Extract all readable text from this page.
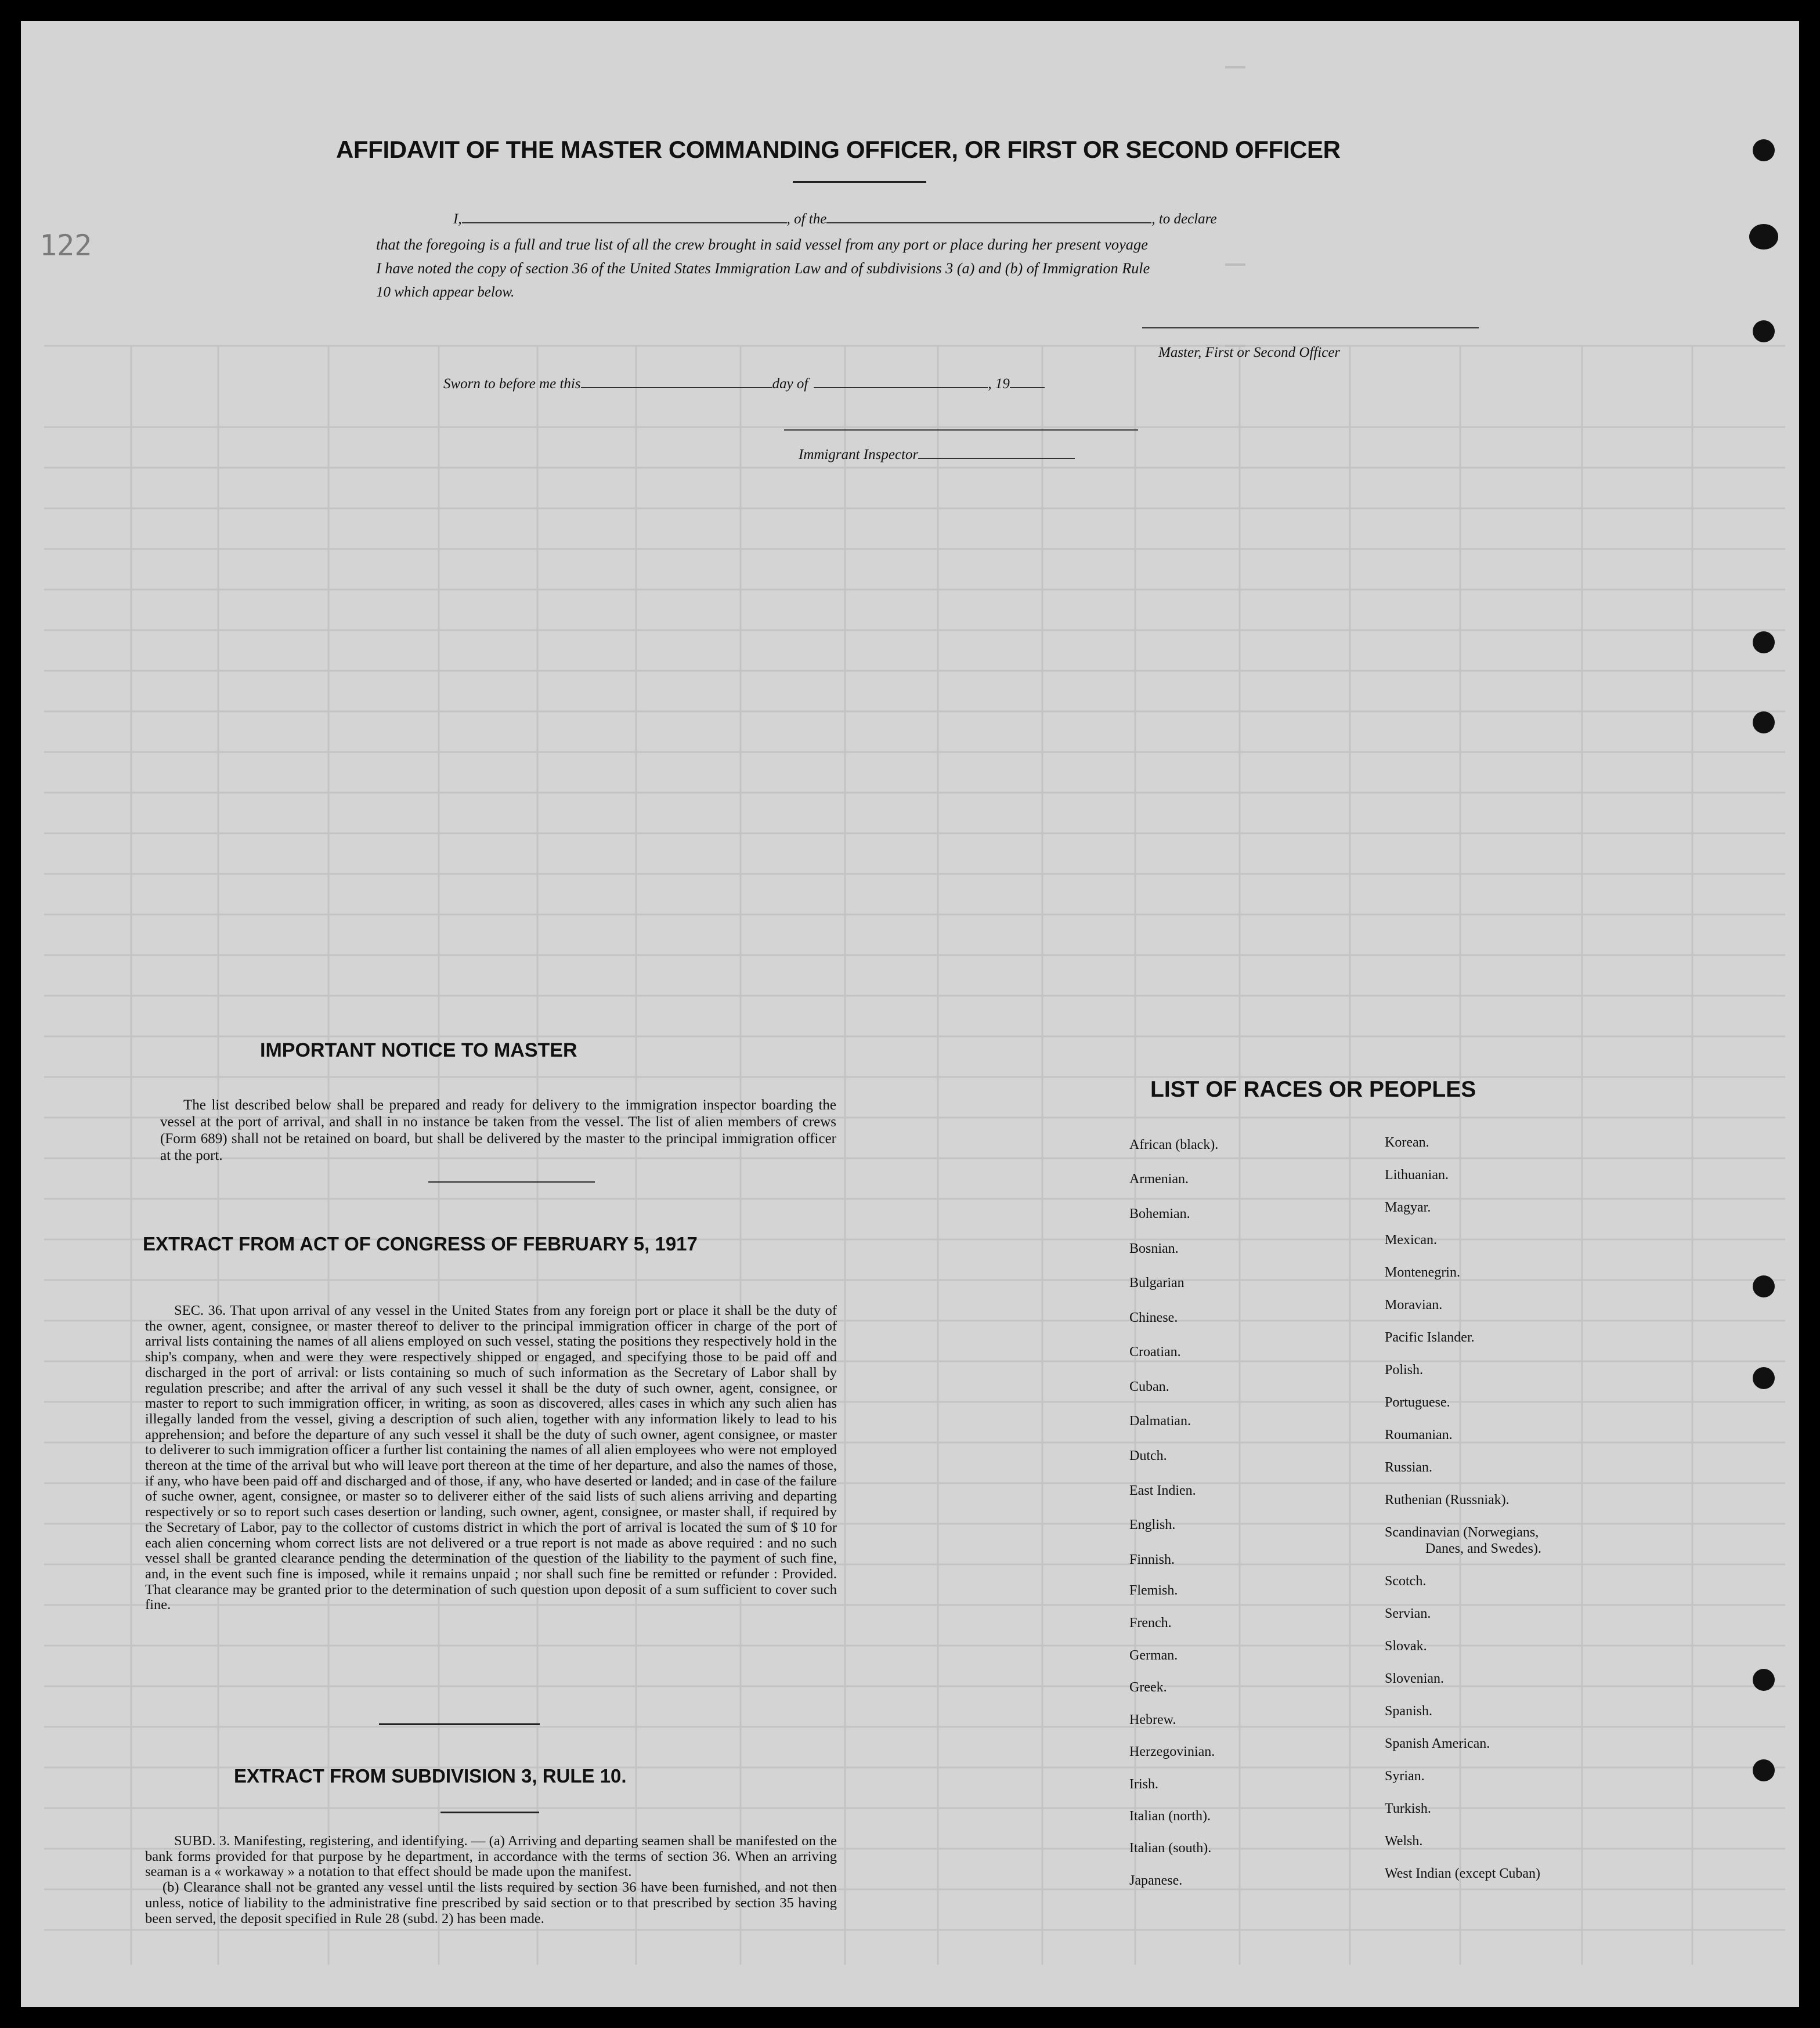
122
AFFIDAVIT OF THE MASTER COMMANDING OFFICER, OR FIRST OR SECOND OFFICER
I,	, of the	, to declare
that the foregoing is a full and true list of all the crew brought in said vessel from any port or place during her present voyage
I have noted the copy of section 36 of the United States Immigration Law and of subdivisions 3 (a) and (b) of Immigration Rule
10 which appear below.
Master, First or Second Officer
Sworn to before me this	day of	, 19
Immigrant Inspector
IMPORTANT NOTICE TO MASTER
The list described below shall be prepared and ready for delivery to the immigration inspector boarding the vessel at the port of arrival, and shall in no instance be taken from the vessel. The list of alien members of crews (Form 689) shall not be retained on board, but shall be delivered by the master to the principal immigration officer at the port.
EXTRACT FROM ACT OF CONGRESS OF FEBRUARY 5, 1917
SEC. 36. That upon arrival of any vessel in the United States from any foreign port or place it shall be the duty of the owner, agent, consignee, or master thereof to deliver to the principal immigration officer in charge of the port of arrival lists containing the names of all aliens employed on such vessel, stating the positions they respectively hold in the ship's company, when and were they were respectively shipped or engaged, and specifying those to be paid off and discharged in the port of arrival: or lists containing so much of such information as the Secretary of Labor shall by regulation prescribe; and after the arrival of any such vessel it shall be the duty of such owner, agent, consignee, or master to report to such immigration officer, in writing, as soon as discovered, alles cases in which any such alien has illegally landed from the vessel, giving a description of such alien, together with any information likely to lead to his apprehension; and before the departure of any such vessel it shall be the duty of such owner, agent consignee, or master to deliverer to such immigration officer a further list containing the names of all alien employees who were not employed thereon at the time of the arrival but who will leave port thereon at the time of her departure, and also the names of those, if any, who have been paid off and discharged and of those, if any, who have deserted or landed; and in case of the failure of suche owner, agent, consignee, or master so to deliverer either of the said lists of such aliens arriving and departing respectively or so to report such cases desertion or landing, such owner, agent, consignee, or master shall, if required by the Secretary of Labor, pay to the collector of customs district in which the port of arrival is located the sum of $ 10 for each alien concerning whom correct lists are not delivered or a true report is not made as above required : and no such vessel shall be granted clearance pending the determination of the question of the liability to the payment of such fine, and, in the event such fine is imposed, while it remains unpaid ; nor shall such fine be remitted or refunder : Provided. That clearance may be granted prior to the determination of such question upon deposit of a sum sufficient to cover such fine.
EXTRACT FROM SUBDIVISION 3, RULE 10.

SUBD. 3. Manifesting, registering, and identifying. — (a) Arriving and departing seamen shall be manifested on the bank forms provided for that purpose by he department, in accordance with the terms of section 36. When an arriving seaman is a « workaway » a notation to that effect should be made upon the manifest.

(b) Clearance shall not be granted any vessel until the lists required by section 36 have been furnished, and not then unless, notice of liability to the administrative fine prescribed by said section or to that prescribed by section 35 having been served, the deposit specified in Rule 28 (subd. 2) has been made.

LIST OF RACES OR PEOPLES
African (black).
Armenian.
Bohemian.
Bosnian.
Bulgarian
Chinese.
Croatian.
Cuban.
Dalmatian.
Dutch.
East Indien.
English.
Finnish.
Flemish.
French.
German.
Greek.
Hebrew.
Herzegovinian.
Irish.
Italian (north).
Italian (south).
Japanese.
Korean.
Lithuanian.
Magyar.
Mexican.
Montenegrin.
Moravian.
Pacific Islander.
Polish.
Portuguese.
Roumanian.
Russian.
Ruthenian (Russniak).
Scandinavian (Norwegians,
Danes, and Swedes).
Scotch.
Servian.
Slovak.
Slovenian.
Spanish.
Spanish American.
Syrian.
Turkish.
Welsh.
West Indian (except Cuban)
